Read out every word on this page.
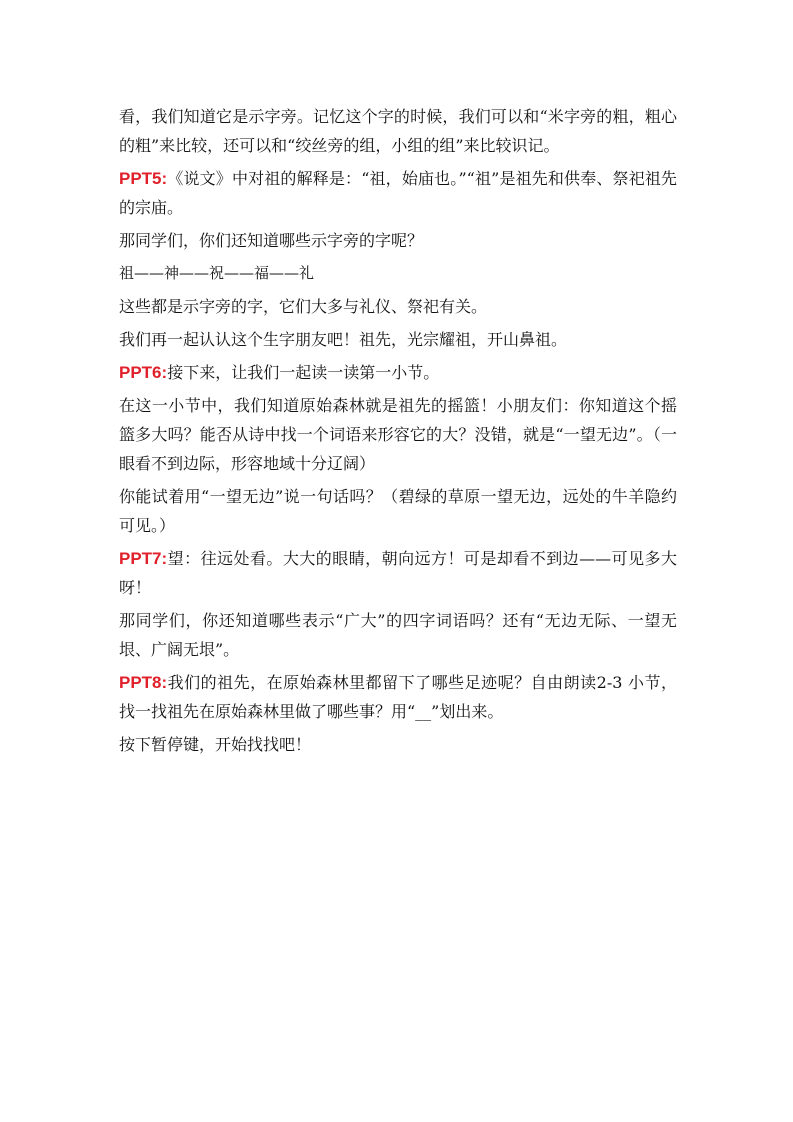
看，我们知道它是示字旁。记忆这个字的时候，我们可以和“米字旁的粗，粗心的粗”来比较，还可以和“绞丝旁的组，小组的组”来比较识记。

PPT5:《说文》中对祖的解释是：“祖，始庙也。”“祖”是祖先和供奉、祭祀祖先的宗庙。

那同学们，你们还知道哪些示字旁的字呢？

祖——神——祝——福——礼

这些都是示字旁的字，它们大多与礼仪、祭祀有关。

我们再一起认认这个生字朋友吧！祖先，光宗耀祖，开山鼻祖。

PPT6:接下来，让我们一起读一读第一小节。

在这一小节中，我们知道原始森林就是祖先的摇篮！小朋友们：你知道这个摇篮多大吗？能否从诗中找一个词语来形容它的大？没错，就是“一望无边”。（一眼看不到边际，形容地域十分辽阔）

你能试着用“一望无边”说一句话吗？（碧绿的草原一望无边，远处的牛羊隐约可见。）

PPT7:望：往远处看。大大的眼睛，朝向远方！可是却看不到边——可见多大呀！

那同学们，你还知道哪些表示“广大”的四字词语吗？还有“无边无际、一望无垠、广阔无垠”。

PPT8:我们的祖先，在原始森林里都留下了哪些足迹呢？自由朗读2-3 小节，找一找祖先在原始森林里做了哪些事？用“__”划出来。

按下暂停键，开始找找吧！
